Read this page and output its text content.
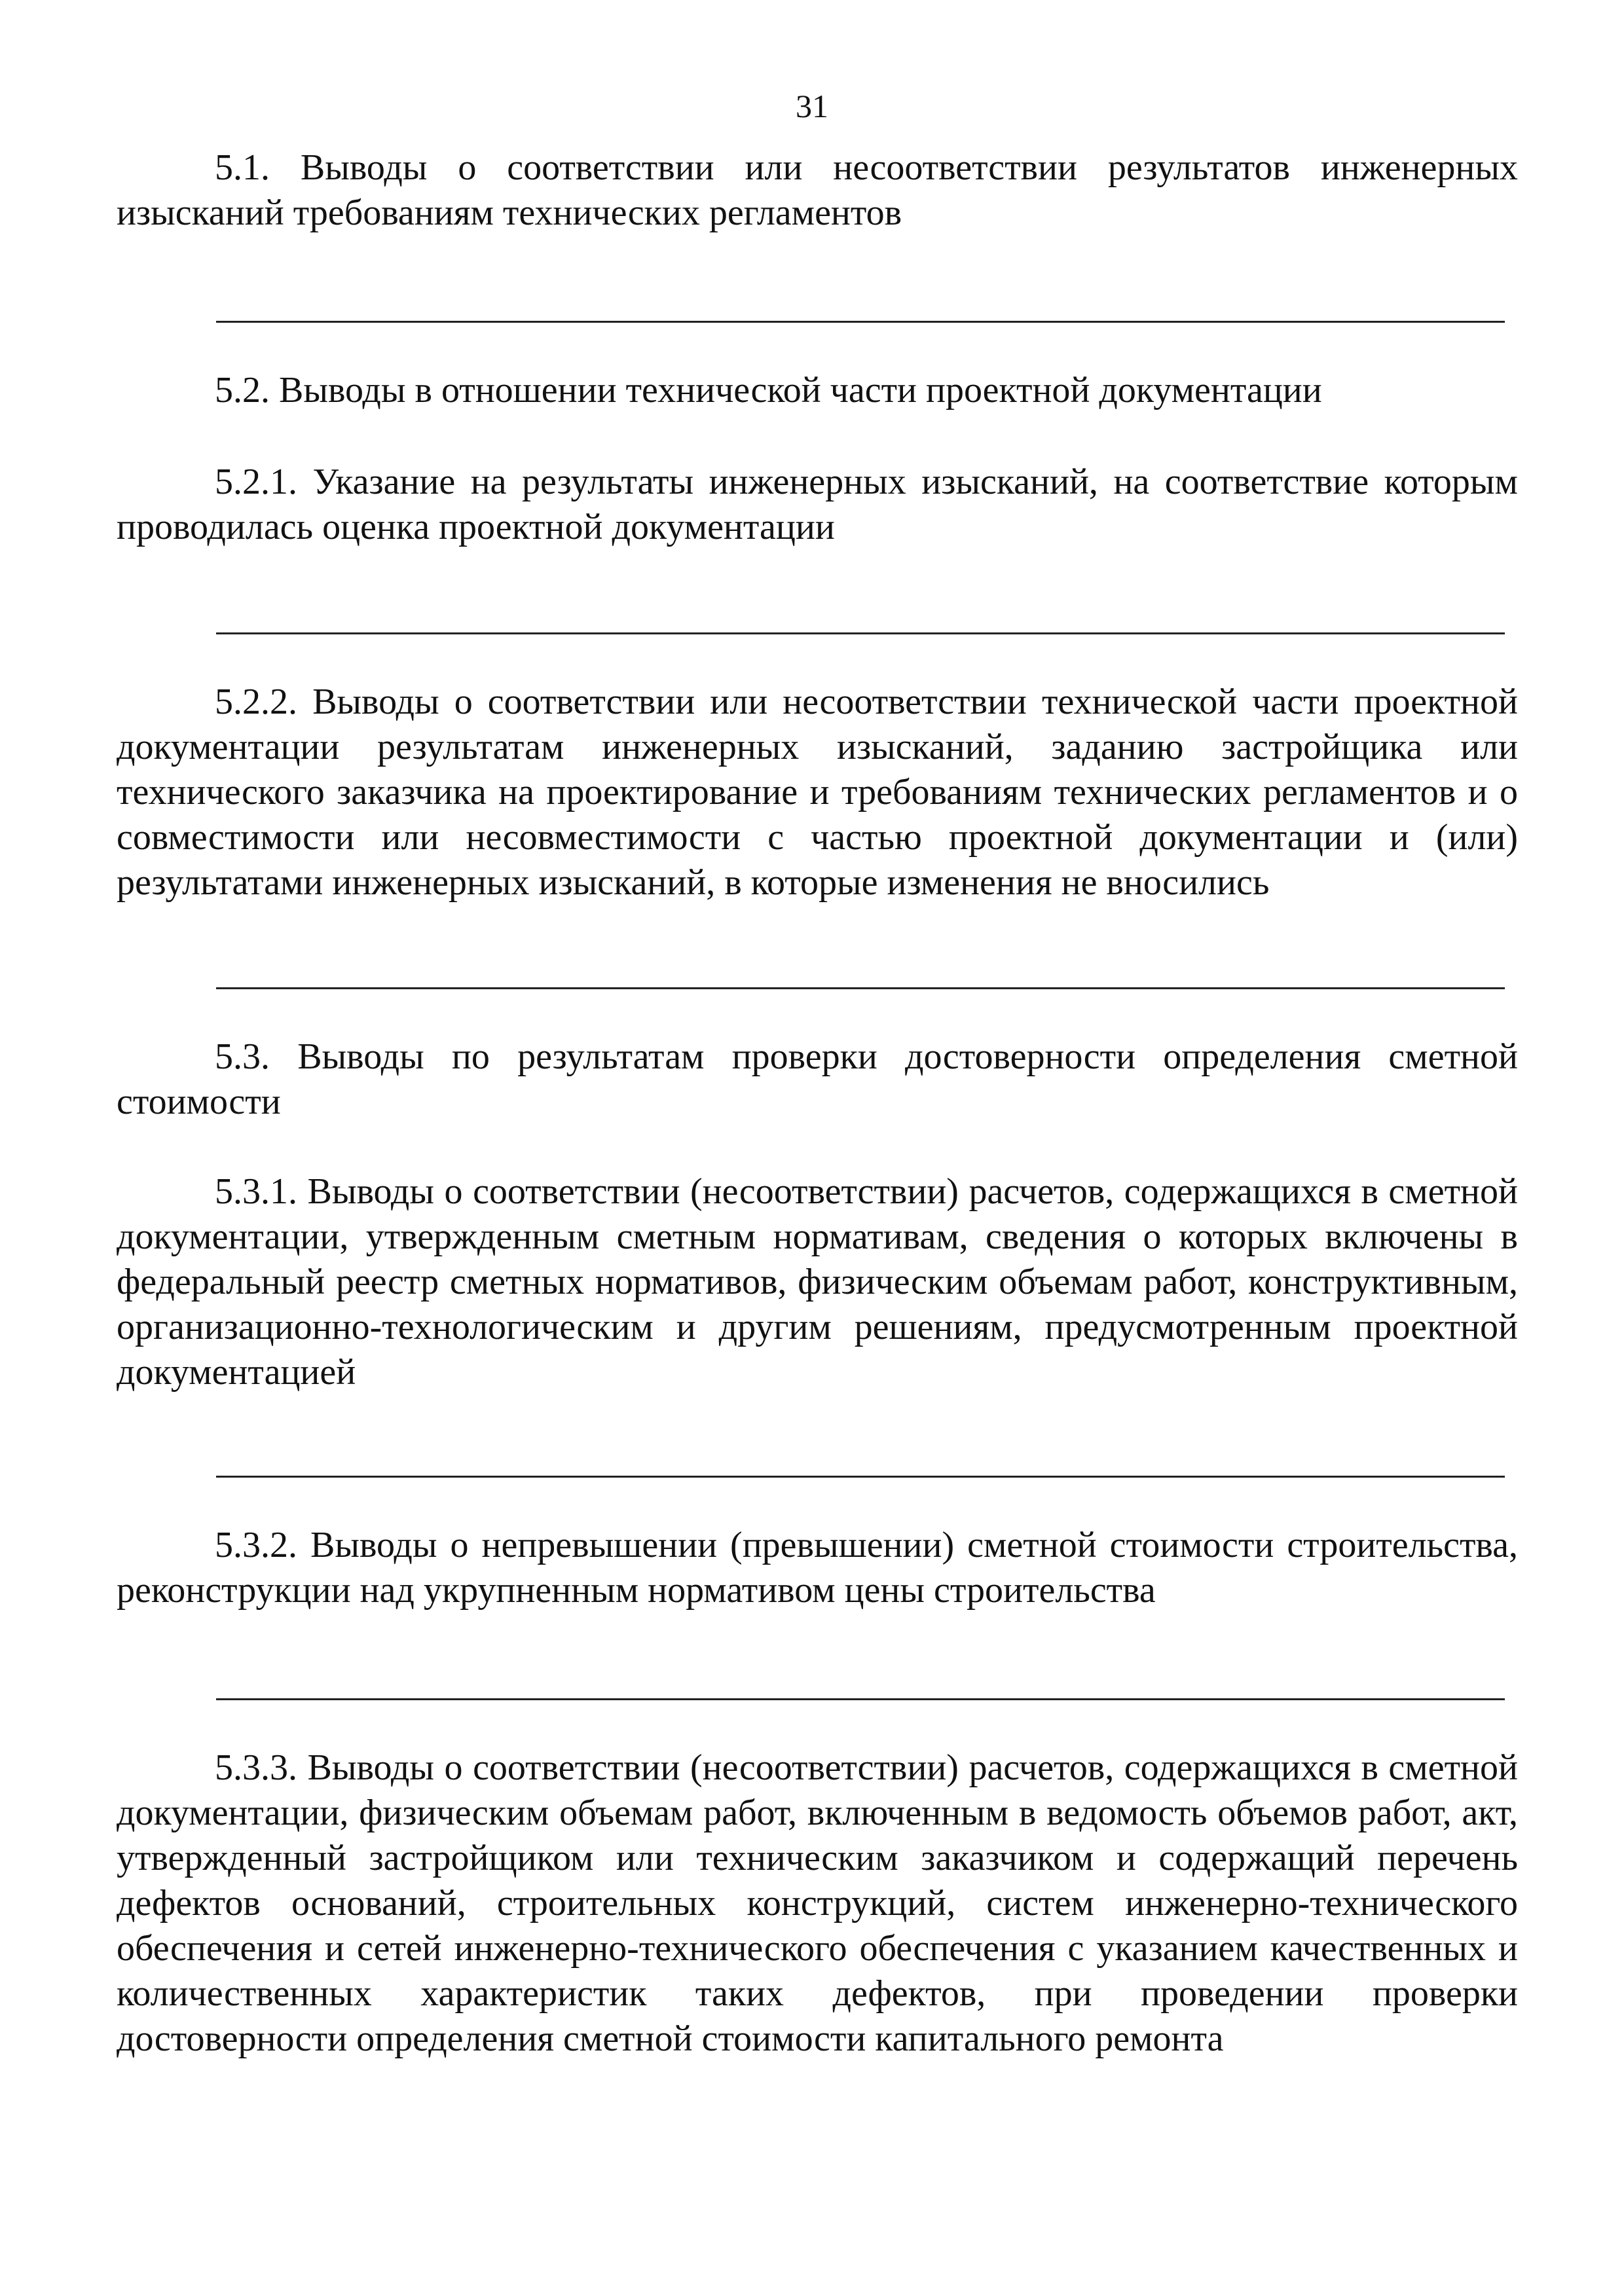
31

5.1. Выводы о соответствии или несоответствии результатов инженерных изысканий требованиям технических регламентов

5.2. Выводы в отношении технической части проектной документации

5.2.1. Указание на результаты инженерных изысканий, на соответствие которым проводилась оценка проектной документации

5.2.2. Выводы о соответствии или несоответствии технической части проектной документации результатам инженерных изысканий, заданию застройщика или технического заказчика на проектирование и требованиям технических регламентов и о совместимости или несовместимости с частью проектной документации и (или) результатами инженерных изысканий, в которые изменения не вносились

5.3. Выводы по результатам проверки достоверности определения сметной стоимости

5.3.1. Выводы о соответствии (несоответствии) расчетов, содержащихся в сметной документации, утвержденным сметным нормативам, сведения о которых включены в федеральный реестр сметных нормативов, физическим объемам работ, конструктивным, организационно-технологическим и другим решениям, предусмотренным проектной документацией

5.3.2. Выводы о непревышении (превышении) сметной стоимости строительства, реконструкции над укрупненным нормативом цены строительства

5.3.3. Выводы о соответствии (несоответствии) расчетов, содержащихся в сметной документации, физическим объемам работ, включенным в ведомость объемов работ, акт, утвержденный застройщиком или техническим заказчиком и содержащий перечень дефектов оснований, строительных конструкций, систем инженерно-технического обеспечения и сетей инженерно-технического обеспечения с указанием качественных и количественных характеристик таких дефектов, при проведении проверки достоверности определения сметной стоимости капитального ремонта
